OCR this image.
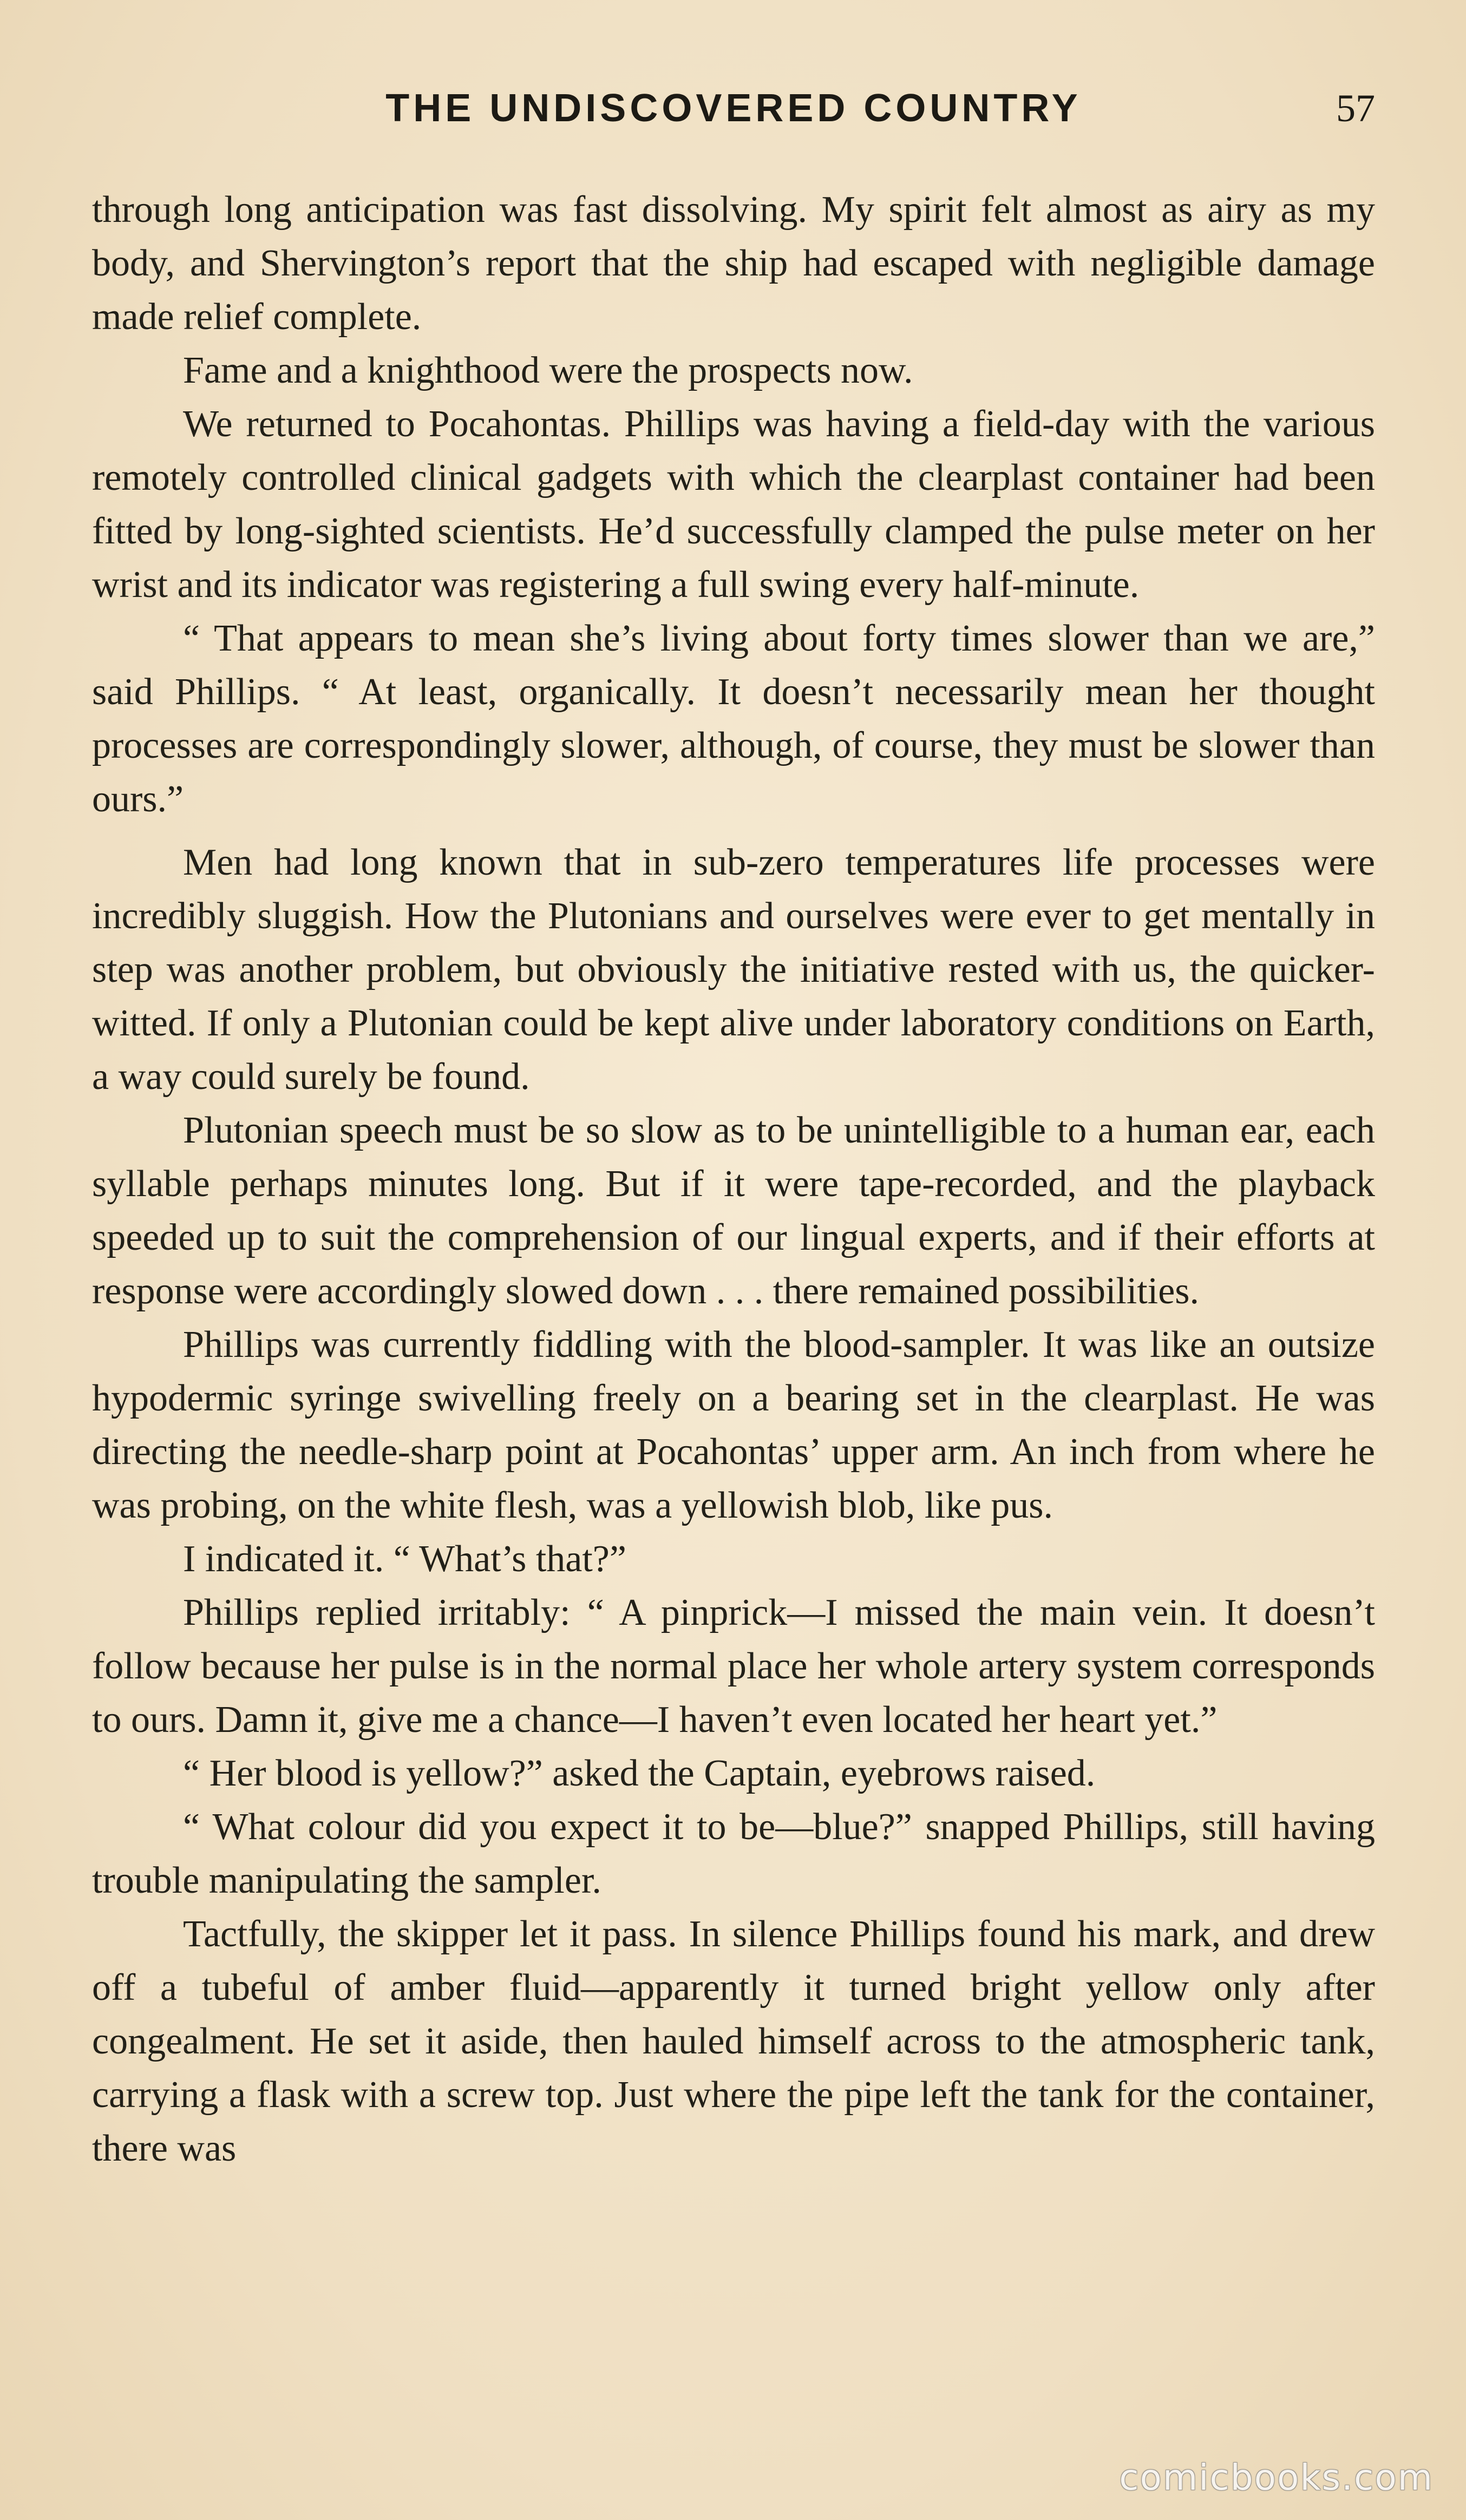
THE UNDISCOVERED COUNTRY	57

through long anticipation was fast dissolving. My spirit felt almost as airy as my body, and Shervington’s report that the ship had escaped with negligible damage made relief complete.

Fame and a knighthood were the prospects now.

We returned to Pocahontas. Phillips was having a field-day with the various remotely controlled clinical gadgets with which the clearplast container had been fitted by long-sighted scientists. He’d successfully clamped the pulse meter on her wrist and its indicator was registering a full swing every half-minute.

“ That appears to mean she’s living about forty times slower than we are,” said Phillips. “ At least, organically. It doesn’t necessarily mean her thought processes are correspondingly slower, although, of course, they must be slower than ours.”

Men had long known that in sub-zero temperatures life processes were incredibly sluggish. How the Plutonians and ourselves were ever to get mentally in step was another problem, but obviously the initiative rested with us, the quicker-witted. If only a Plutonian could be kept alive under laboratory conditions on Earth, a way could surely be found.

Plutonian speech must be so slow as to be unintelligible to a human ear, each syllable perhaps minutes long. But if it were tape-recorded, and the playback speeded up to suit the comprehension of our lingual experts, and if their efforts at response were accordingly slowed down . . . there remained possibilities.

Phillips was currently fiddling with the blood-sampler. It was like an outsize hypodermic syringe swivelling freely on a bearing set in the clearplast. He was directing the needle-sharp point at Pocahontas’ upper arm. An inch from where he was probing, on the white flesh, was a yellowish blob, like pus.

I indicated it. “ What’s that?”

Phillips replied irritably: “ A pinprick—I missed the main vein. It doesn’t follow because her pulse is in the normal place her whole artery system corresponds to ours. Damn it, give me a chance—I haven’t even located her heart yet.”

“ Her blood is yellow?” asked the Captain, eyebrows raised.

“ What colour did you expect it to be—blue?” snapped Phillips, still having trouble manipulating the sampler.

Tactfully, the skipper let it pass. In silence Phillips found his mark, and drew off a tubeful of amber fluid—apparently it turned bright yellow only after congealment. He set it aside, then hauled himself across to the atmospheric tank, carrying a flask with a screw top. Just where the pipe left the tank for the container, there was

comicbooks.com
